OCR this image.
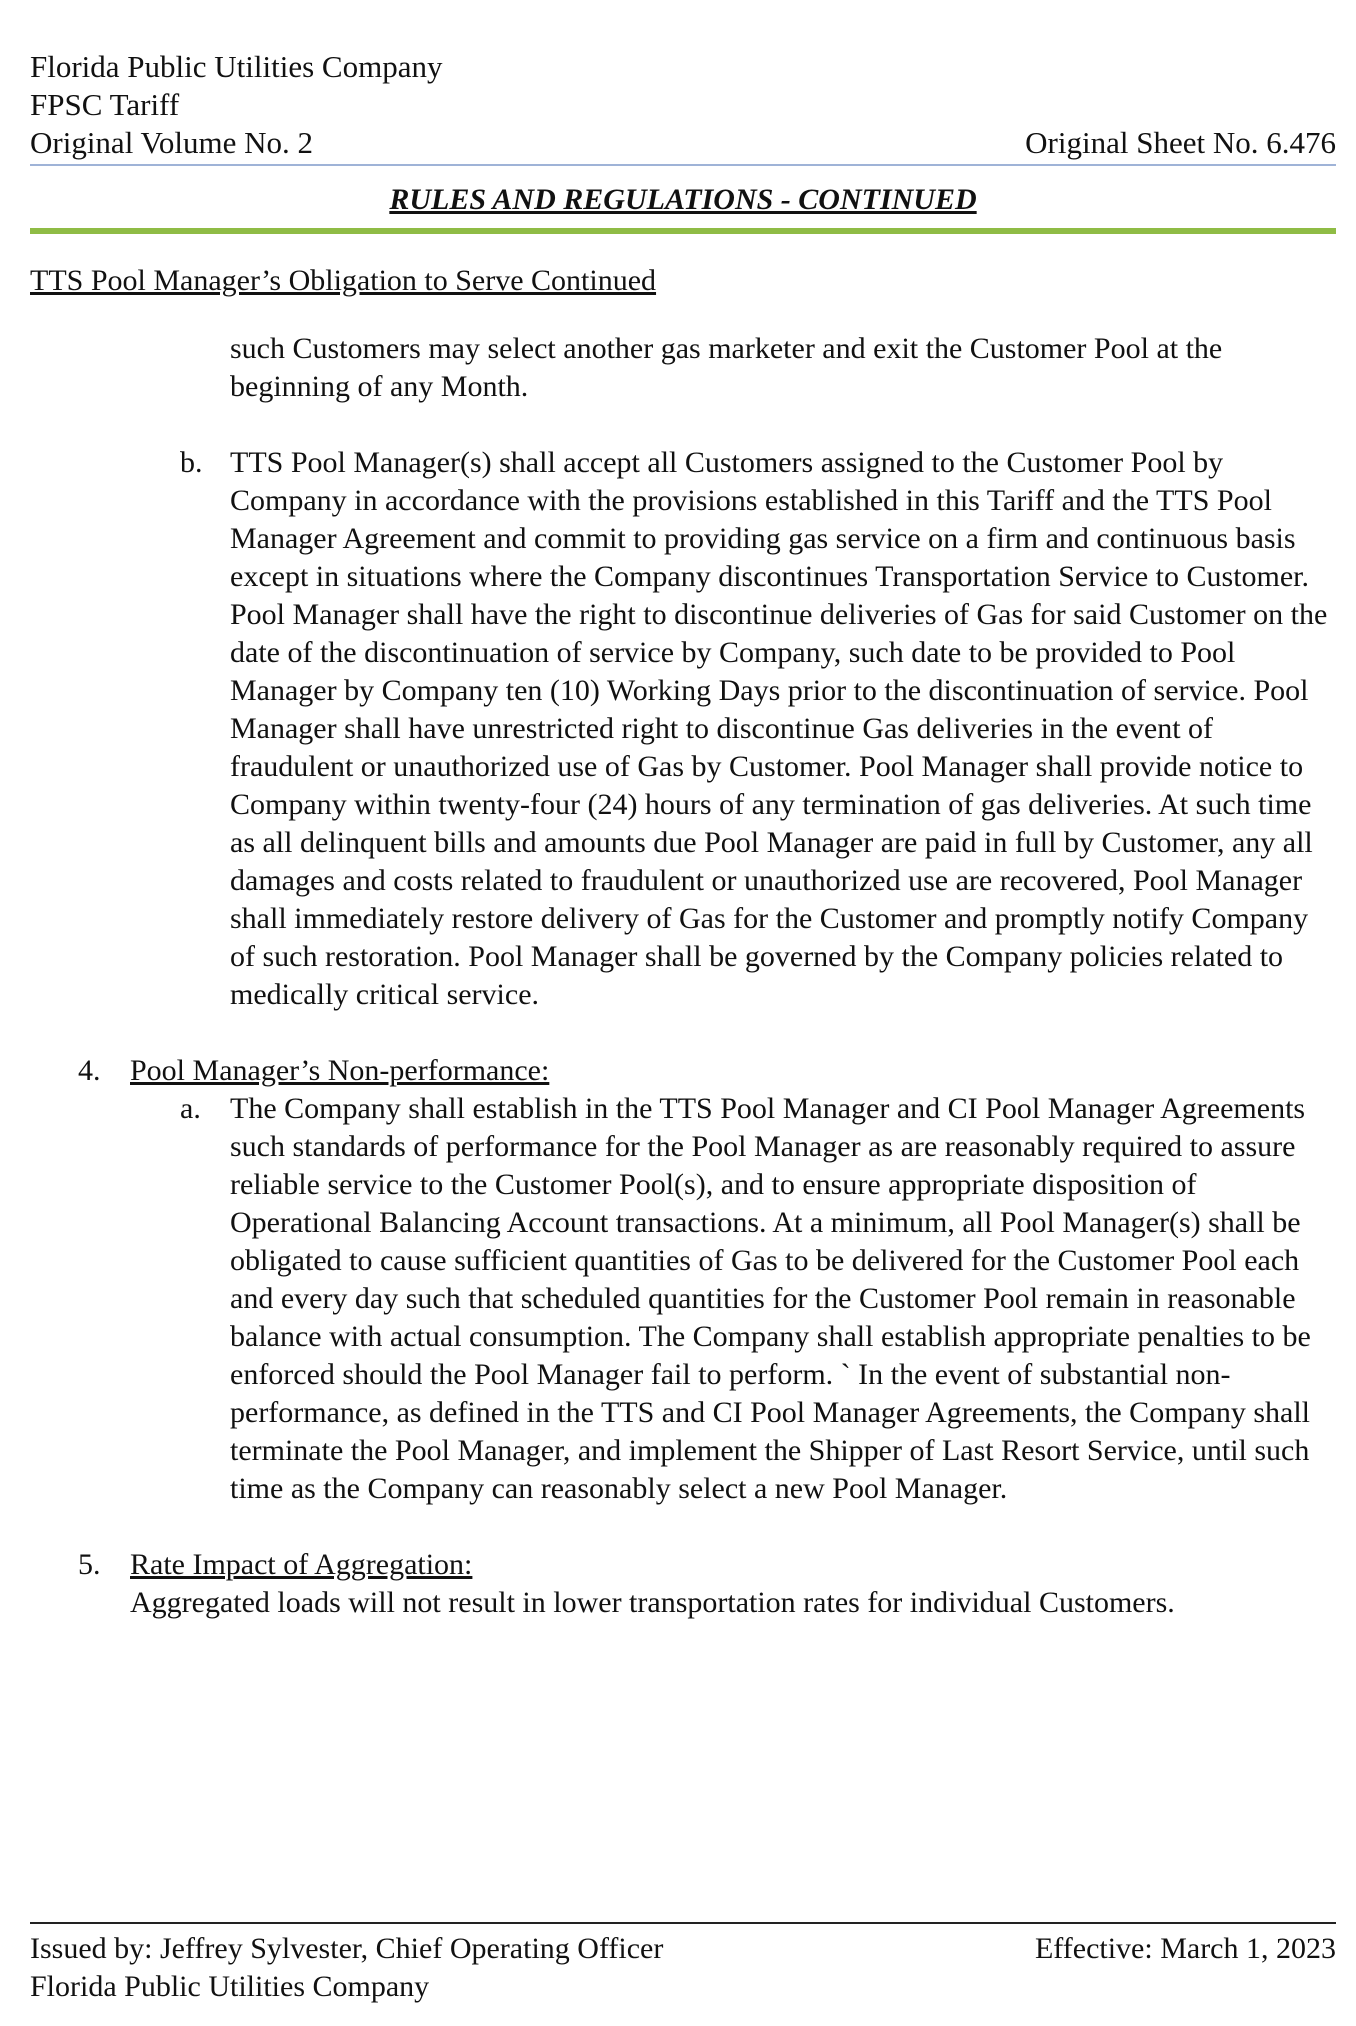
Florida Public Utilities Company
FPSC Tariff
Original Volume No. 2	Original Sheet No. 6.476
RULES AND REGULATIONS - CONTINUED
TTS Pool Manager’s Obligation to Serve Continued
such Customers may select another gas marketer and exit the Customer Pool at the beginning of any Month.
b. TTS Pool Manager(s) shall accept all Customers assigned to the Customer Pool by Company in accordance with the provisions established in this Tariff and the TTS Pool Manager Agreement and commit to providing gas service on a firm and continuous basis except in situations where the Company discontinues Transportation Service to Customer. Pool Manager shall have the right to discontinue deliveries of Gas for said Customer on the date of the discontinuation of service by Company, such date to be provided to Pool Manager by Company ten (10) Working Days prior to the discontinuation of service. Pool Manager shall have unrestricted right to discontinue Gas deliveries in the event of fraudulent or unauthorized use of Gas by Customer. Pool Manager shall provide notice to Company within twenty-four (24) hours of any termination of gas deliveries. At such time as all delinquent bills and amounts due Pool Manager are paid in full by Customer, any all damages and costs related to fraudulent or unauthorized use are recovered, Pool Manager shall immediately restore delivery of Gas for the Customer and promptly notify Company of such restoration. Pool Manager shall be governed by the Company policies related to medically critical service.
4. Pool Manager’s Non-performance:
a. The Company shall establish in the TTS Pool Manager and CI Pool Manager Agreements such standards of performance for the Pool Manager as are reasonably required to assure reliable service to the Customer Pool(s), and to ensure appropriate disposition of Operational Balancing Account transactions. At a minimum, all Pool Manager(s) shall be obligated to cause sufficient quantities of Gas to be delivered for the Customer Pool each and every day such that scheduled quantities for the Customer Pool remain in reasonable balance with actual consumption. The Company shall establish appropriate penalties to be enforced should the Pool Manager fail to perform. ` In the event of substantial non-performance, as defined in the TTS and CI Pool Manager Agreements, the Company shall terminate the Pool Manager, and implement the Shipper of Last Resort Service, until such time as the Company can reasonably select a new Pool Manager.
5. Rate Impact of Aggregation:
Aggregated loads will not result in lower transportation rates for individual Customers.
Issued by: Jeffrey Sylvester, Chief Operating Officer	Effective: March 1, 2023
Florida Public Utilities Company
